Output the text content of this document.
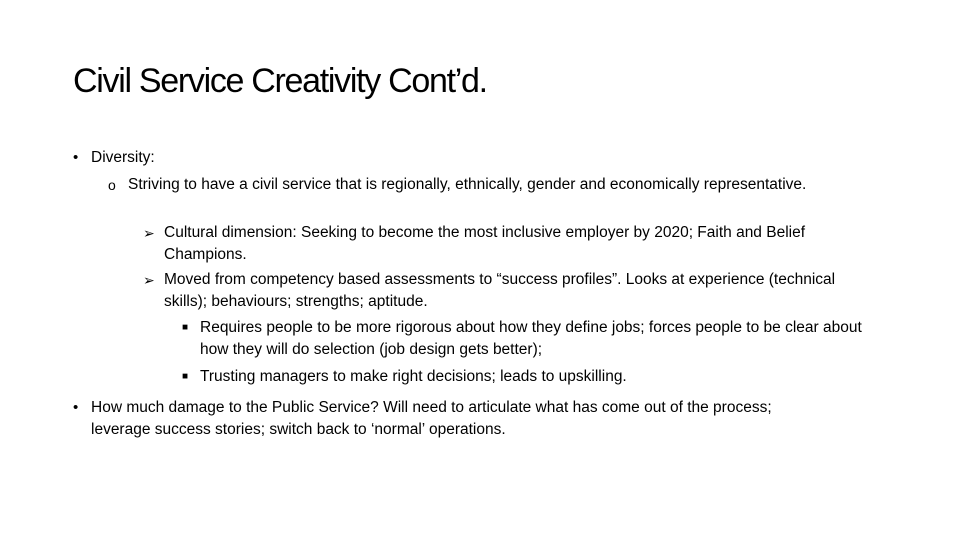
Civil Service Creativity Cont’d.
• Diversity:
o Striving to have a civil service that is regionally, ethnically, gender and economically representative.
➢ Cultural dimension: Seeking to become the most inclusive employer by 2020; Faith and Belief Champions.
➢ Moved from competency based assessments to “success profiles”. Looks at experience (technical skills); behaviours; strengths; aptitude.
■ Requires people to be more rigorous about how they define jobs; forces people to be clear about how they will do selection (job design gets better);
■ Trusting managers to make right decisions; leads to upskilling.
• How much damage to the Public Service? Will need to articulate what has come out of the process; leverage success stories; switch back to ‘normal’ operations.
